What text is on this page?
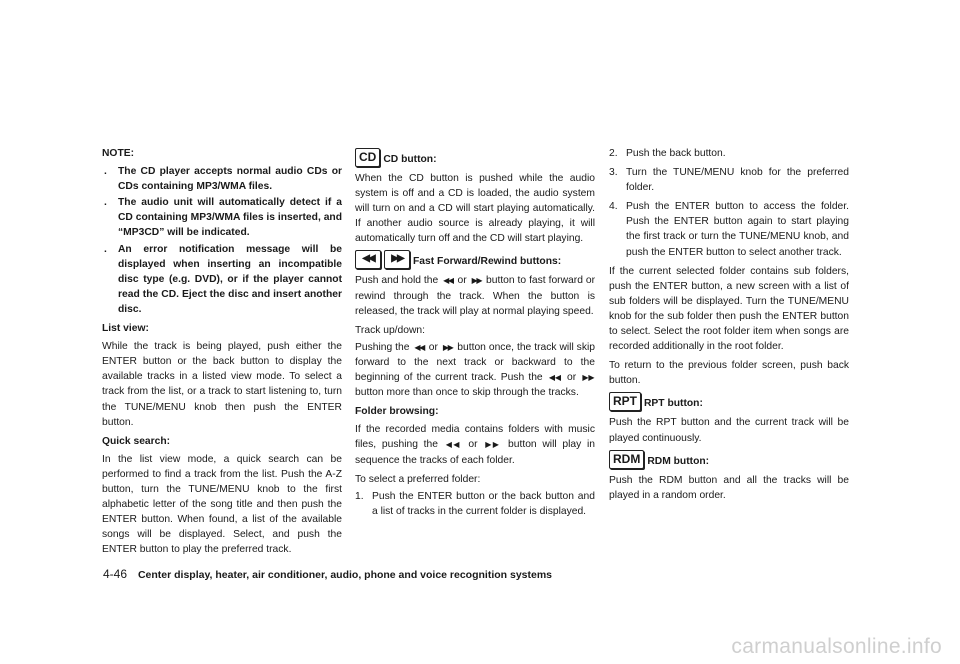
NOTE:
. The CD player accepts normal audio CDs or CDs containing MP3/WMA files.
. The audio unit will automatically detect if a CD containing MP3/WMA files is inserted, and “MP3CD” will be indicated.
. An error notification message will be displayed when inserting an incompatible disc type (e.g. DVD), or if the player cannot read the CD. Eject the disc and insert another disc.
List view:

While the track is being played, push either the ENTER button or the back button to display the available tracks in a listed view mode. To select a track from the list, or a track to start listening to, turn the TUNE/MENU knob then push the ENTER button.

Quick search:

In the list view mode, a quick search can be performed to find a track from the list. Push the A-Z button, turn the TUNE/MENU knob to the first alphabetic letter of the song title and then push the ENTER button. When found, a list of the available songs will be displayed. Select, and push the ENTER button to play the preferred track.

CD CD button:

When the CD button is pushed while the audio system is off and a CD is loaded, the audio system will turn on and a CD will start playing automatically. If another audio source is already playing, it will automatically turn off and the CD will start playing.

◀◀	▶▶	Fast Forward/Rewind buttons:

Push and hold the ◀◀ or ▶▶ button to fast forward or rewind through the track. When the button is released, the track will play at normal playing speed.

Track up/down:

Pushing the ◀◀ or ▶▶ button once, the track will skip forward to the next track or backward to the beginning of the current track. Push the ◀◀ or ▶▶ button more than once to skip through the tracks.

Folder browsing:

If the recorded media contains folders with music files, pushing the ◀◀ or ▶▶ button will play in sequence the tracks of each folder.

To select a preferred folder:

1. Push the ENTER button or the back button and a list of tracks in the current folder is displayed.
2. Push the back button.
3. Turn the TUNE/MENU knob for the preferred folder.
4. Push the ENTER button to access the folder. Push the ENTER button again to start playing the first track or turn the TUNE/MENU knob, and push the ENTER button to select another track.

If the current selected folder contains sub folders, push the ENTER button, a new screen with a list of sub folders will be displayed. Turn the TUNE/MENU knob for the sub folder then push the ENTER button to select. Select the root folder item when songs are recorded additionally in the root folder.

To return to the previous folder screen, push back button.

RPT RPT button:

Push the RPT button and the current track will be played continuously.

RDM RDM button:

Push the RDM button and all the tracks will be played in a random order.

4-46 Center display, heater, air conditioner, audio, phone and voice recognition systems
carmanualsonline.info
